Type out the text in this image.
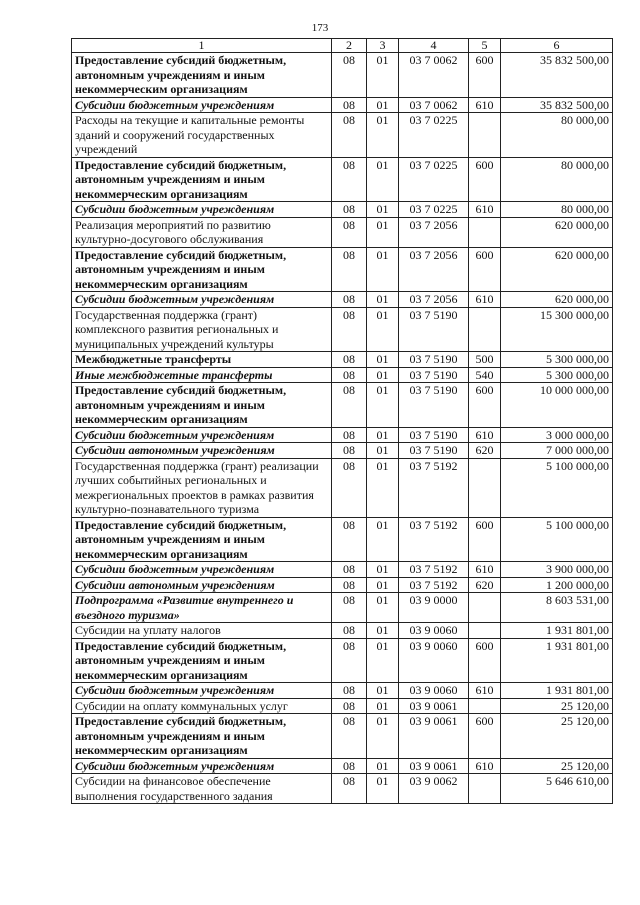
173
1	2	3	4	5	6
Предоставление субсидий бюджетным, автономным учреждениям и иным некоммерческим организациям	08	01	03 7 0062	600	35 832 500,00
Субсидии бюджетным учреждениям	08	01	03 7 0062	610	35 832 500,00
Расходы на текущие и капитальные ремонты зданий и сооружений государственных учреждений	08	01	03 7 0225		80 000,00
Предоставление субсидий бюджетным, автономным учреждениям и иным некоммерческим организациям	08	01	03 7 0225	600	80 000,00
Субсидии бюджетным учреждениям	08	01	03 7 0225	610	80 000,00
Реализация мероприятий по развитию культурно-досугового обслуживания	08	01	03 7 2056		620 000,00
Предоставление субсидий бюджетным, автономным учреждениям и иным некоммерческим организациям	08	01	03 7 2056	600	620 000,00
Субсидии бюджетным учреждениям	08	01	03 7 2056	610	620 000,00
Государственная поддержка (грант) комплексного развития региональных и муниципальных учреждений культуры	08	01	03 7 5190		15 300 000,00
Межбюджетные трансферты	08	01	03 7 5190	500	5 300 000,00
Иные межбюджетные трансферты	08	01	03 7 5190	540	5 300 000,00
Предоставление субсидий бюджетным, автономным учреждениям и иным некоммерческим организациям	08	01	03 7 5190	600	10 000 000,00
Субсидии бюджетным учреждениям	08	01	03 7 5190	610	3 000 000,00
Субсидии автономным учреждениям	08	01	03 7 5190	620	7 000 000,00
Государственная поддержка (грант) реализации лучших событийных региональных и межрегиональных проектов в рамках развития культурно-познавательного туризма	08	01	03 7 5192		5 100 000,00
Предоставление субсидий бюджетным, автономным учреждениям и иным некоммерческим организациям	08	01	03 7 5192	600	5 100 000,00
Субсидии бюджетным учреждениям	08	01	03 7 5192	610	3 900 000,00
Субсидии автономным учреждениям	08	01	03 7 5192	620	1 200 000,00
Подпрограмма «Развитие внутреннего и въездного туризма»	08	01	03 9 0000		8 603 531,00
Субсидии на уплату налогов	08	01	03 9 0060		1 931 801,00
Предоставление субсидий бюджетным, автономным учреждениям и иным некоммерческим организациям	08	01	03 9 0060	600	1 931 801,00
Субсидии бюджетным учреждениям	08	01	03 9 0060	610	1 931 801,00
Субсидии на оплату коммунальных услуг	08	01	03 9 0061		25 120,00
Предоставление субсидий бюджетным, автономным учреждениям и иным некоммерческим организациям	08	01	03 9 0061	600	25 120,00
Субсидии бюджетным учреждениям	08	01	03 9 0061	610	25 120,00
Субсидии на финансовое обеспечение выполнения государственного задания	08	01	03 9 0062		5 646 610,00
